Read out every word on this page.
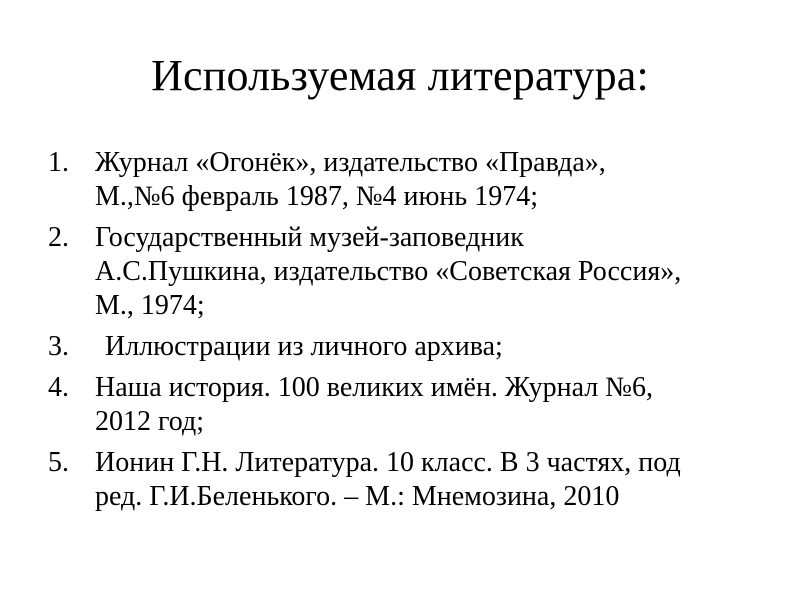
Используемая литература:
1. Журнал «Огонёк», издательство «Правда»,
М.,№6 февраль 1987, №4 июнь 1974;
2. Государственный музей-заповедник
А.С.Пушкина, издательство «Советская Россия»,
М., 1974;
3.	Иллюстрации из личного архива;
4. Наша история. 100 великих имён. Журнал №6,
2012 год;
5. Ионин Г.Н. Литература. 10 класс. В 3 частях, под
ред. Г.И.Беленького. – М.: Мнемозина, 2010
